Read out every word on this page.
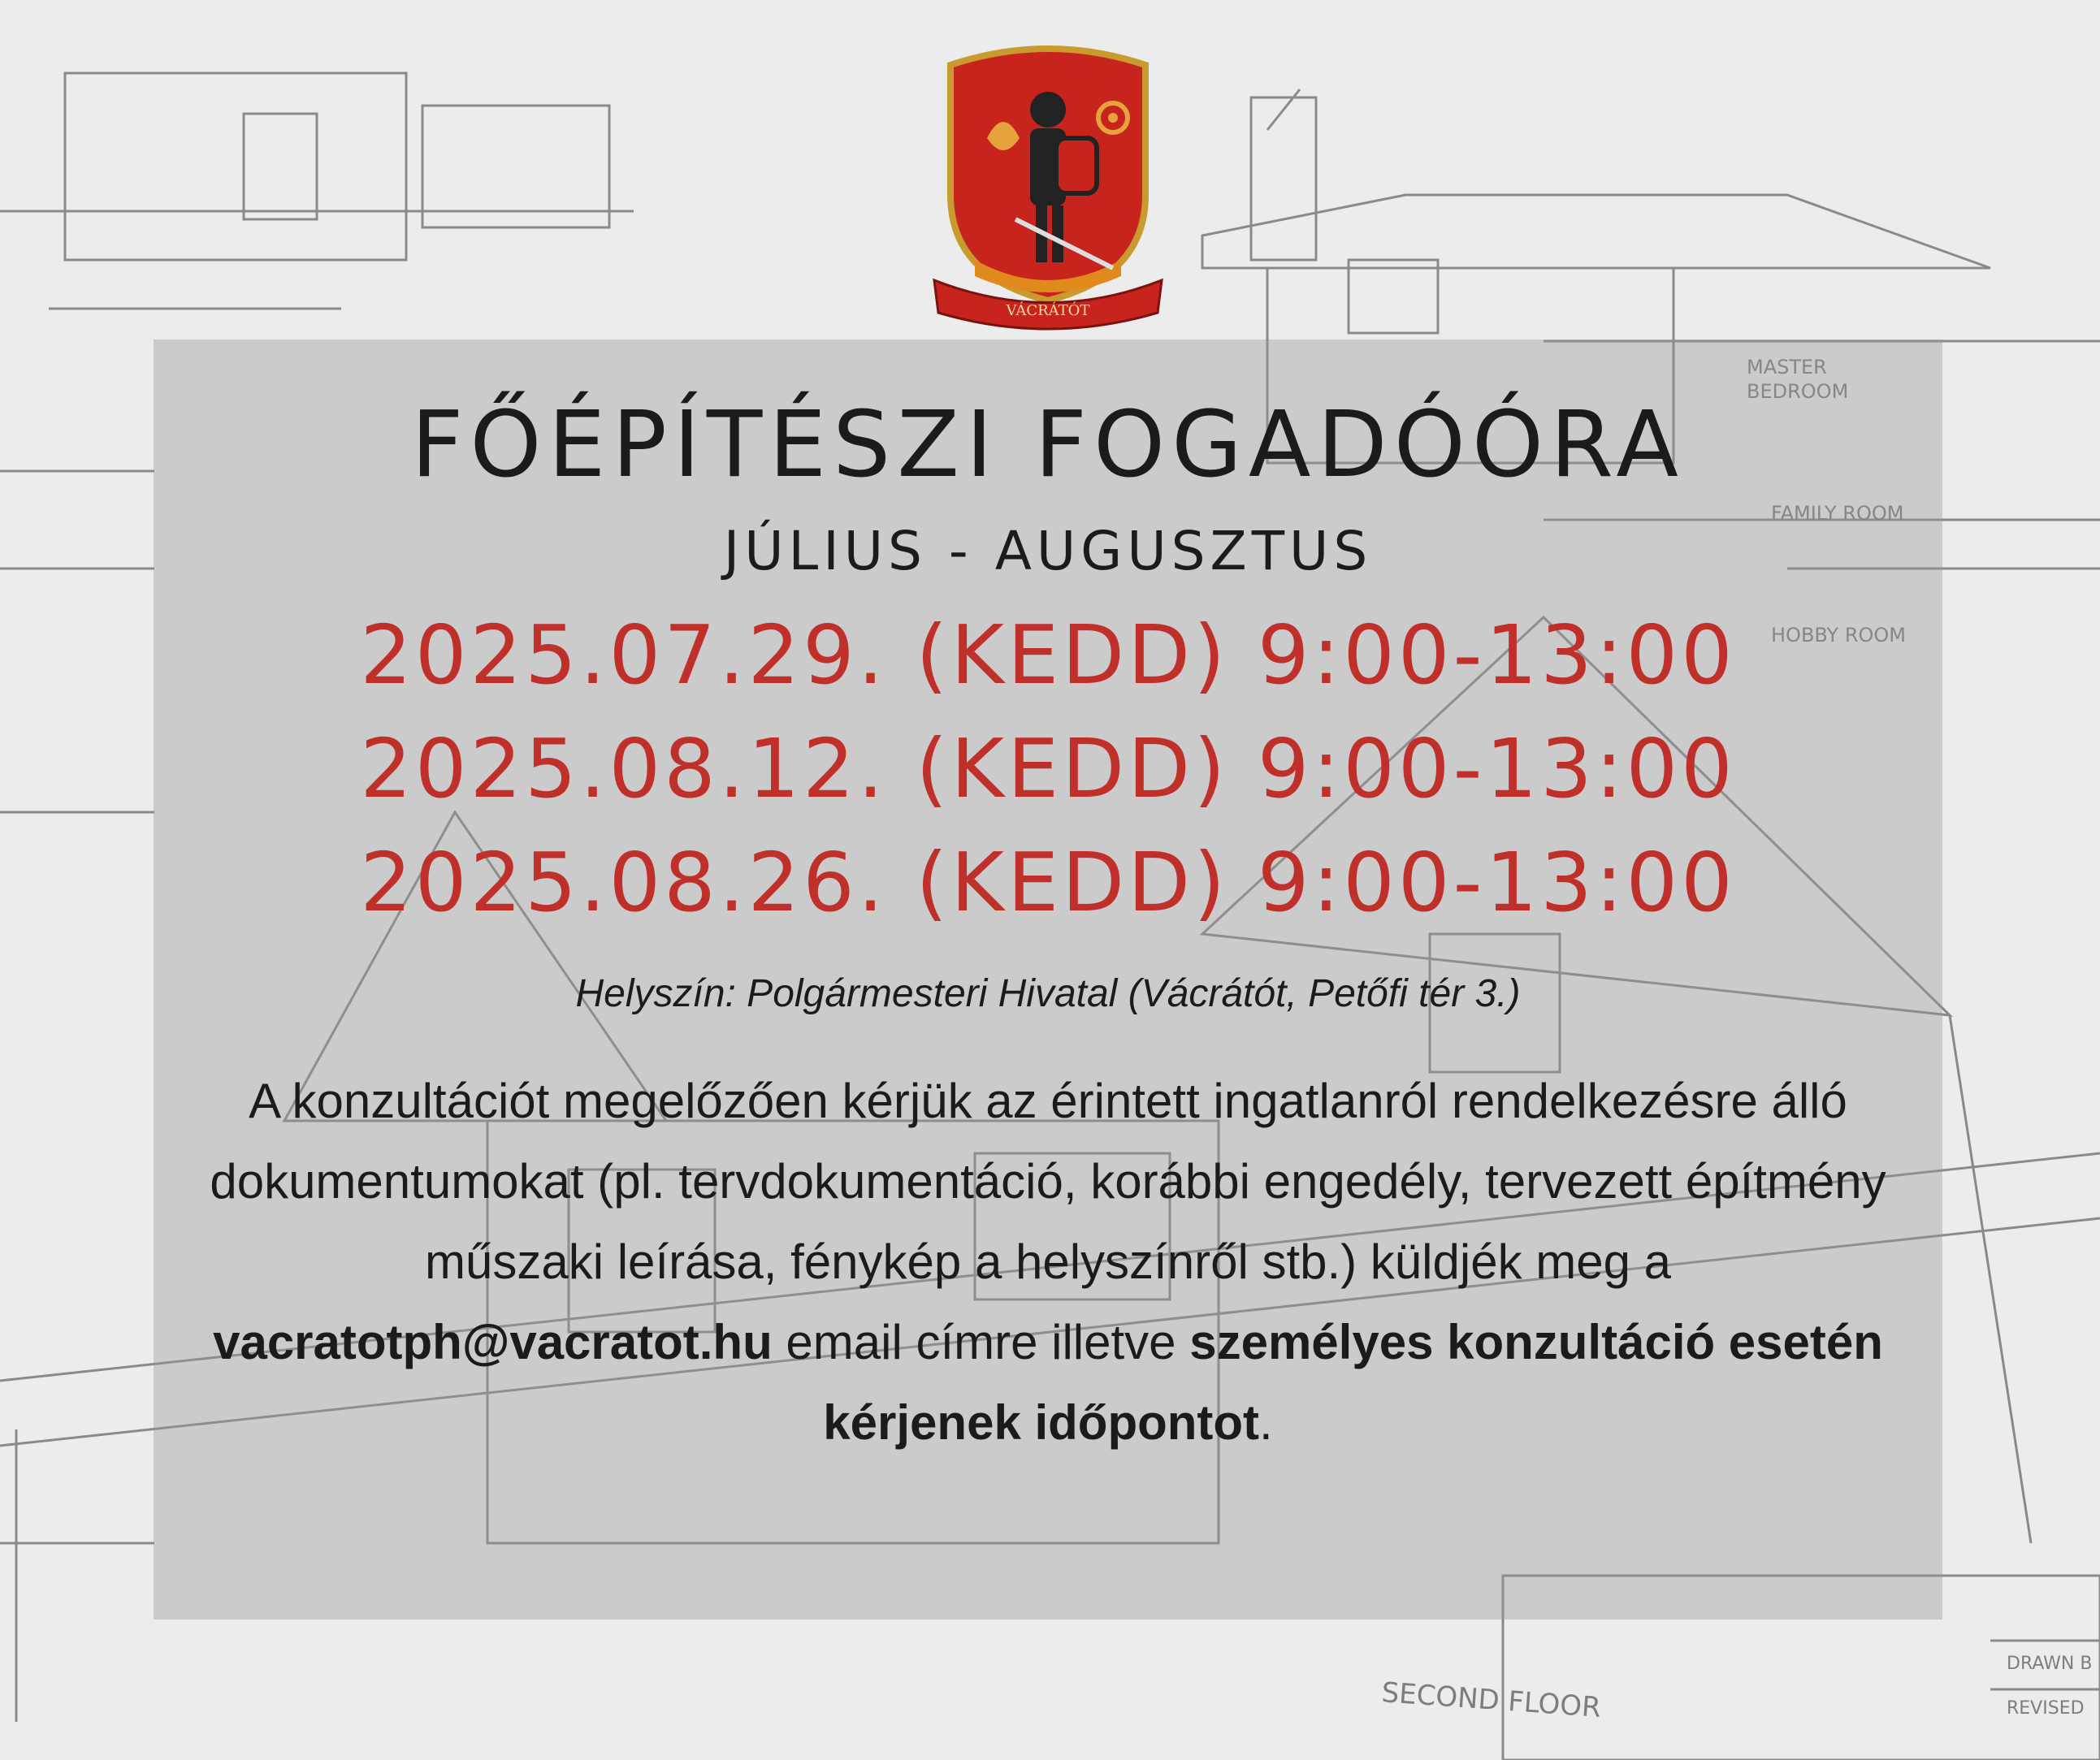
SECOND FLOOR
DRAWN B
REVISED
MASTER
BEDROOM
FAMILY ROOM
HOBBY ROOM
VÁCRÁTÓT
FŐÉPÍTÉSZI FOGADÓÓRA
JÚLIUS - AUGUSZTUS
2025.07.29. (KEDD) 9:00-13:00
2025.08.12. (KEDD) 9:00-13:00
2025.08.26. (KEDD) 9:00-13:00
Helyszín: Polgármesteri Hivatal (Vácrátót, Petőfi tér 3.)
A konzultációt megelőzően kérjük az érintett ingatlanról rendelkezésre álló dokumentumokat (pl. tervdokumentáció, korábbi engedély, tervezett építmény műszaki leírása, fénykép a helyszínről stb.) küldjék meg a vacratotph@vacratot.hu email címre illetve személyes konzultáció esetén kérjenek időpontot.
